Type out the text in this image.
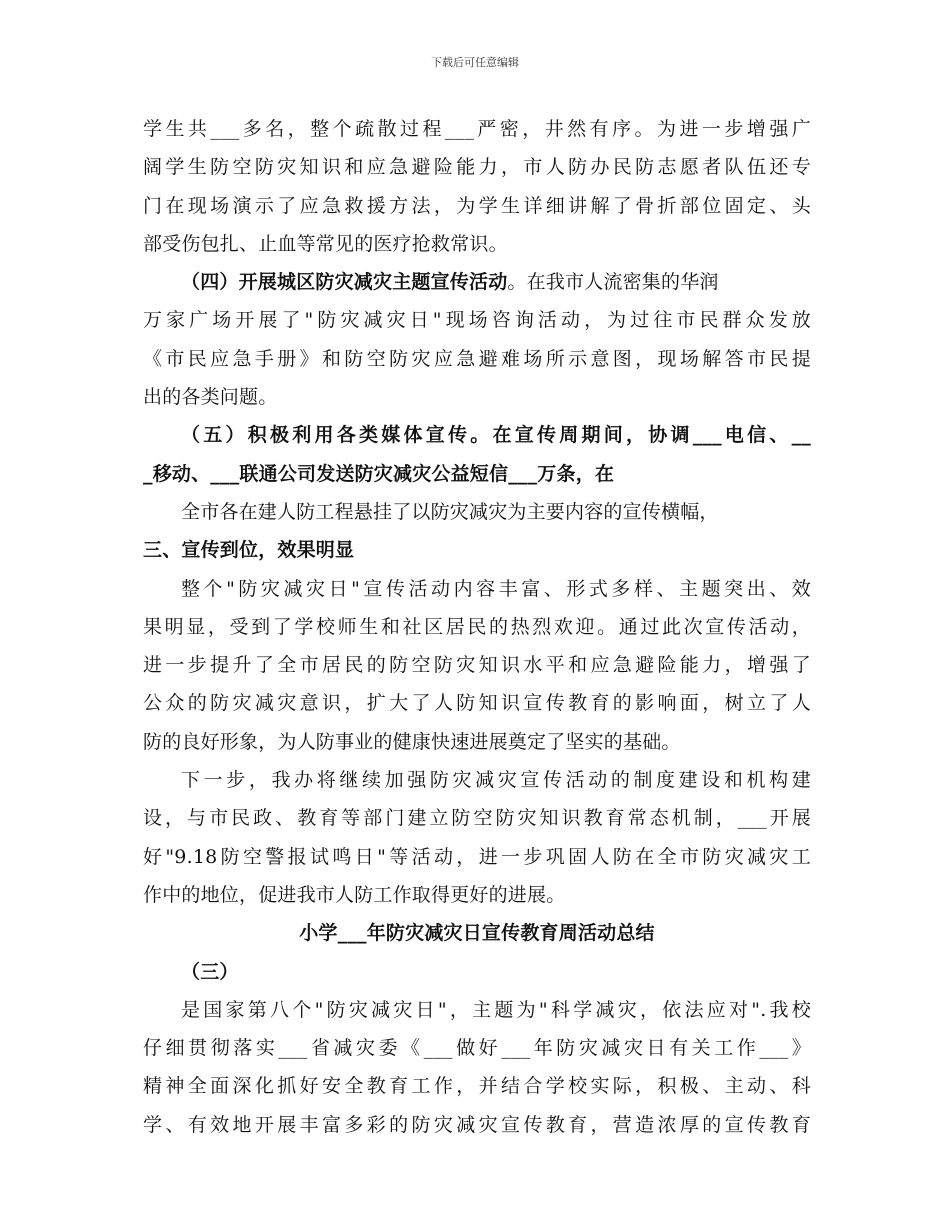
下载后可任意编辑
学生共___多名，整个疏散过程___严密，井然有序。为进一步增强广
阔学生防空防灾知识和应急避险能力，市人防办民防志愿者队伍还专
门在现场演示了应急救援方法，为学生详细讲解了骨折部位固定、头
部受伤包扎、止血等常见的医疗抢救常识。
（四）开展城区防灾减灾主题宣传活动。在我市人流密集的华润
万家广场开展了"防灾减灾日"现场咨询活动，为过往市民群众发放
《市民应急手册》和防空防灾应急避难场所示意图，现场解答市民提
出的各类问题。
（五）积极利用各类媒体宣传。在宣传周期间，协调___电信、__
_移动、___联通公司发送防灾减灾公益短信___万条，在
全市各在建人防工程悬挂了以防灾减灾为主要内容的宣传横幅，
三、宣传到位，效果明显
整个"防灾减灾日"宣传活动内容丰富、形式多样、主题突出、效
果明显，受到了学校师生和社区居民的热烈欢迎。通过此次宣传活动，
进一步提升了全市居民的防空防灾知识水平和应急避险能力，增强了
公众的防灾减灾意识，扩大了人防知识宣传教育的影响面，树立了人
防的良好形象，为人防事业的健康快速进展奠定了坚实的基础。
下一步，我办将继续加强防灾减灾宣传活动的制度建设和机构建
设，与市民政、教育等部门建立防空防灾知识教育常态机制，___开展
好"9.18防空警报试鸣日"等活动，进一步巩固人防在全市防灾减灾工
作中的地位，促进我市人防工作取得更好的进展。
小学___年防灾减灾日宣传教育周活动总结
（三）
是国家第八个"防灾减灾日"，主题为"科学减灾，依法应对".我校
仔细贯彻落实___省减灾委《___做好___年防灾减灾日有关工作___》
精神全面深化抓好安全教育工作，并结合学校实际，积极、主动、科
学、有效地开展丰富多彩的防灾减灾宣传教育，营造浓厚的宣传教育
